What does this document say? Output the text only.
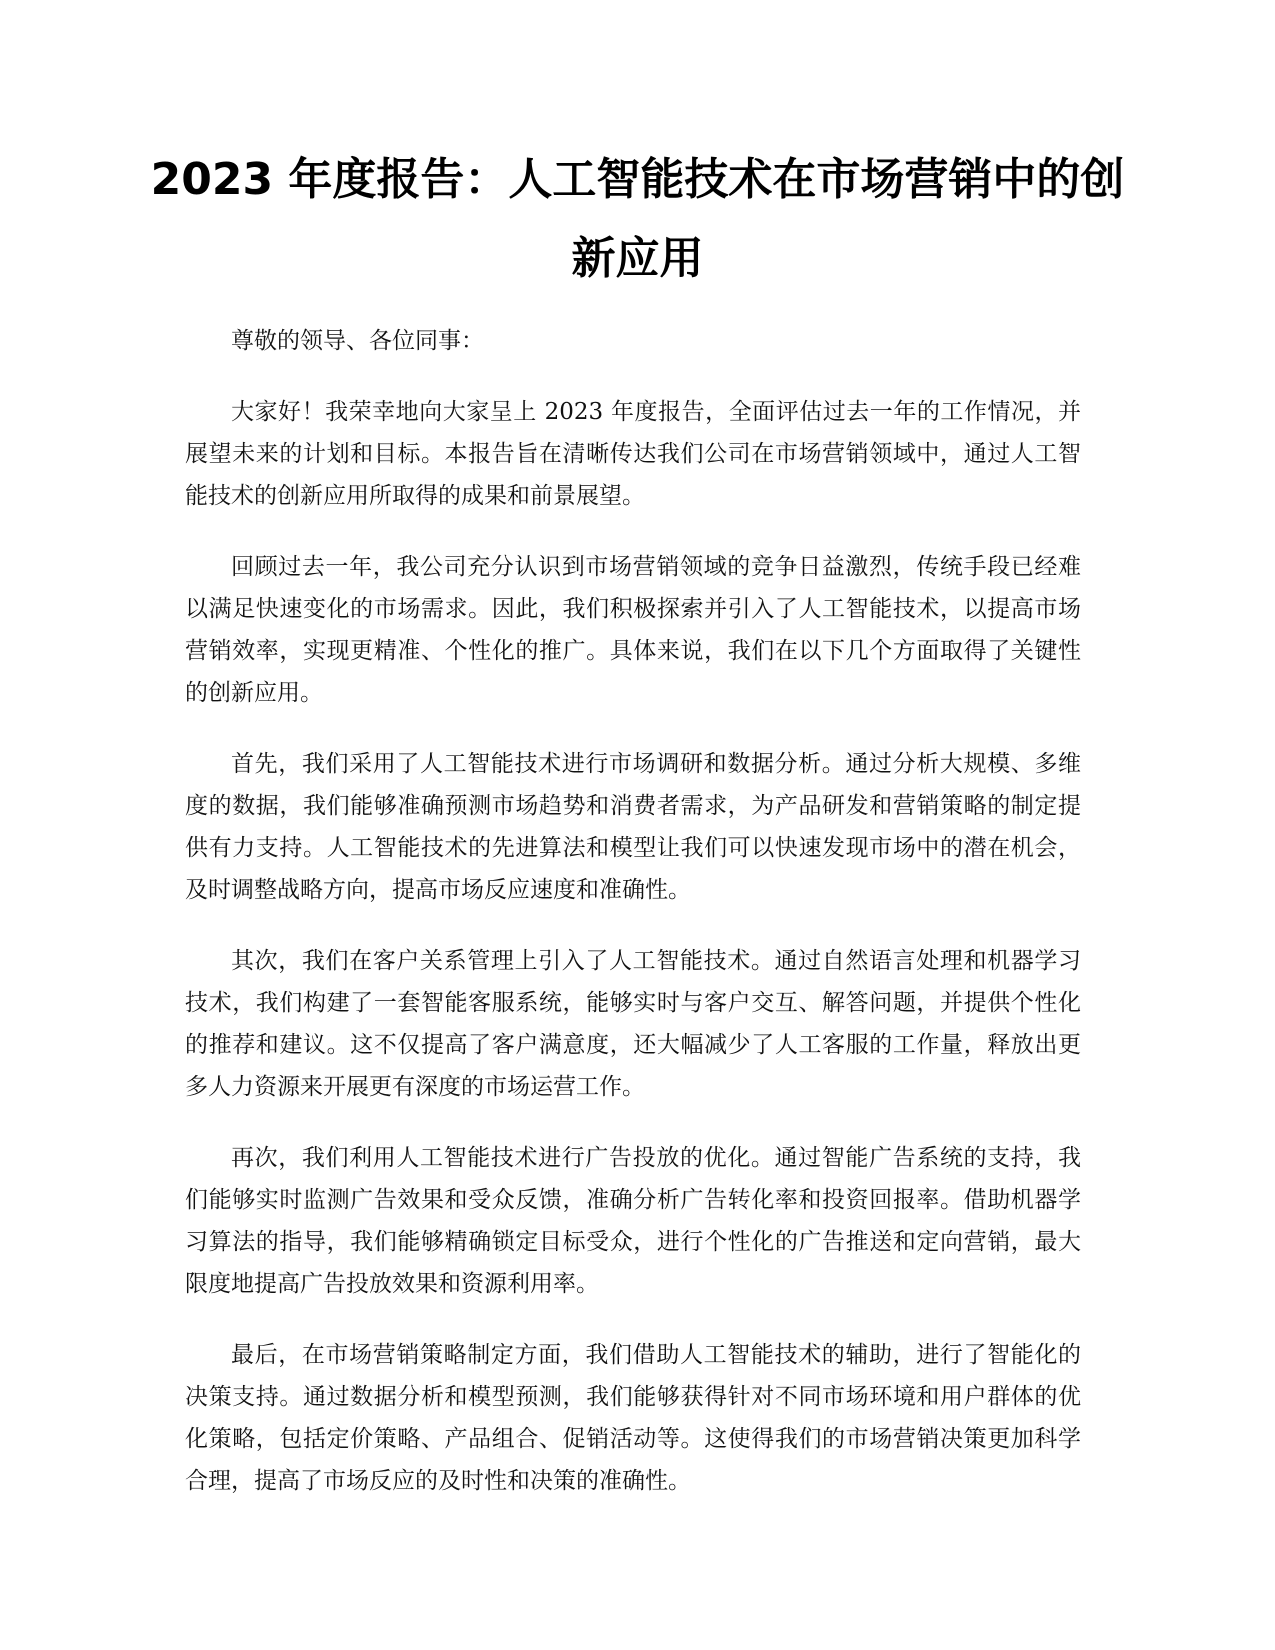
2023 年度报告：人工智能技术在市场营销中的创新应用

尊敬的领导、各位同事：

大家好！我荣幸地向大家呈上 2023 年度报告，全面评估过去一年的工作情况，并展望未来的计划和目标。本报告旨在清晰传达我们公司在市场营销领域中，通过人工智能技术的创新应用所取得的成果和前景展望。

回顾过去一年，我公司充分认识到市场营销领域的竞争日益激烈，传统手段已经难以满足快速变化的市场需求。因此，我们积极探索并引入了人工智能技术，以提高市场营销效率，实现更精准、个性化的推广。具体来说，我们在以下几个方面取得了关键性的创新应用。

首先，我们采用了人工智能技术进行市场调研和数据分析。通过分析大规模、多维度的数据，我们能够准确预测市场趋势和消费者需求，为产品研发和营销策略的制定提供有力支持。人工智能技术的先进算法和模型让我们可以快速发现市场中的潜在机会，及时调整战略方向，提高市场反应速度和准确性。

其次，我们在客户关系管理上引入了人工智能技术。通过自然语言处理和机器学习技术，我们构建了一套智能客服系统，能够实时与客户交互、解答问题，并提供个性化的推荐和建议。这不仅提高了客户满意度，还大幅减少了人工客服的工作量，释放出更多人力资源来开展更有深度的市场运营工作。

再次，我们利用人工智能技术进行广告投放的优化。通过智能广告系统的支持，我们能够实时监测广告效果和受众反馈，准确分析广告转化率和投资回报率。借助机器学习算法的指导，我们能够精确锁定目标受众，进行个性化的广告推送和定向营销，最大限度地提高广告投放效果和资源利用率。

最后，在市场营销策略制定方面，我们借助人工智能技术的辅助，进行了智能化的决策支持。通过数据分析和模型预测，我们能够获得针对不同市场环境和用户群体的优化策略，包括定价策略、产品组合、促销活动等。这使得我们的市场营销决策更加科学合理，提高了市场反应的及时性和决策的准确性。
